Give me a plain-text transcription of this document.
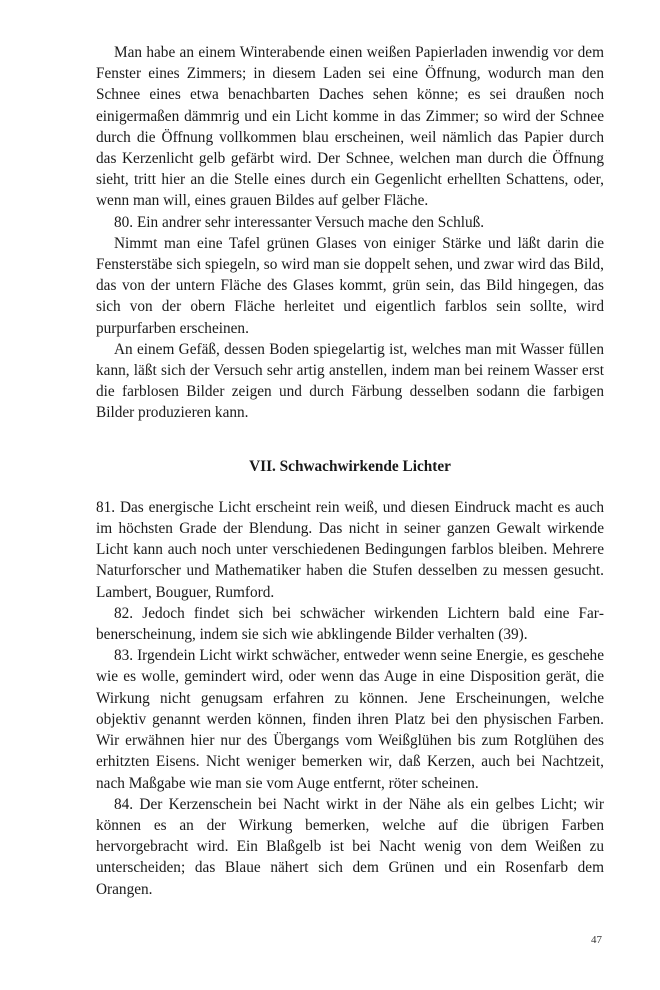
Man habe an einem Winterabende einen weißen Papierladen inwendig vor dem Fenster eines Zimmers; in diesem Laden sei eine Öffnung, wodurch man den Schnee eines etwa benachbarten Daches sehen könne; es sei draußen noch einigermaßen dämmrig und ein Licht komme in das Zimmer; so wird der Schnee durch die Öffnung vollkommen blau erscheinen, weil nämlich das Papier durch das Kerzenlicht gelb gefärbt wird. Der Schnee, welchen man durch die Öffnung sieht, tritt hier an die Stelle eines durch ein Gegenlicht erhellten Schattens, oder, wenn man will, eines grauen Bildes auf gelber Fläche.

80. Ein andrer sehr interessanter Versuch mache den Schluß.

Nimmt man eine Tafel grünen Glases von einiger Stärke und läßt darin die Fensterstäbe sich spiegeln, so wird man sie doppelt sehen, und zwar wird das Bild, das von der untern Fläche des Glases kommt, grün sein, das Bild hingegen, das sich von der obern Fläche herleitet und eigentlich farblos sein sollte, wird purpurfarben erscheinen.

An einem Gefäß, dessen Boden spiegelartig ist, welches man mit Wasser füllen kann, läßt sich der Versuch sehr artig anstellen, indem man bei reinem Wasser erst die farblosen Bilder zeigen und durch Färbung desselben sodann die farbigen Bilder produzieren kann.

VII. Schwachwirkende Lichter

81. Das energische Licht erscheint rein weiß, und diesen Eindruck macht es auch im höchsten Grade der Blendung. Das nicht in seiner ganzen Gewalt wirkende Licht kann auch noch unter verschiedenen Bedingungen farblos bleiben. Mehrere Naturforscher und Mathematiker haben die Stufen desselben zu messen gesucht. Lambert, Bouguer, Rumford.

82. Jedoch findet sich bei schwächer wirkenden Lichtern bald eine Farbenerscheinung, indem sie sich wie abklingende Bilder verhalten (39).

83. Irgendein Licht wirkt schwächer, entweder wenn seine Energie, es geschehe wie es wolle, gemindert wird, oder wenn das Auge in eine Disposition gerät, die Wirkung nicht genugsam erfahren zu können. Jene Erscheinungen, welche objektiv genannt werden können, finden ihren Platz bei den physischen Farben. Wir erwähnen hier nur des Übergangs vom Weißglühen bis zum Rotglühen des erhitzten Eisens. Nicht weniger bemerken wir, daß Kerzen, auch bei Nachtzeit, nach Maßgabe wie man sie vom Auge entfernt, röter scheinen.

84. Der Kerzenschein bei Nacht wirkt in der Nähe als ein gelbes Licht; wir können es an der Wirkung bemerken, welche auf die übrigen Farben hervorgebracht wird. Ein Blaßgelb ist bei Nacht wenig von dem Weißen zu unterscheiden; das Blaue nähert sich dem Grünen und ein Rosenfarb dem Orangen.

47
